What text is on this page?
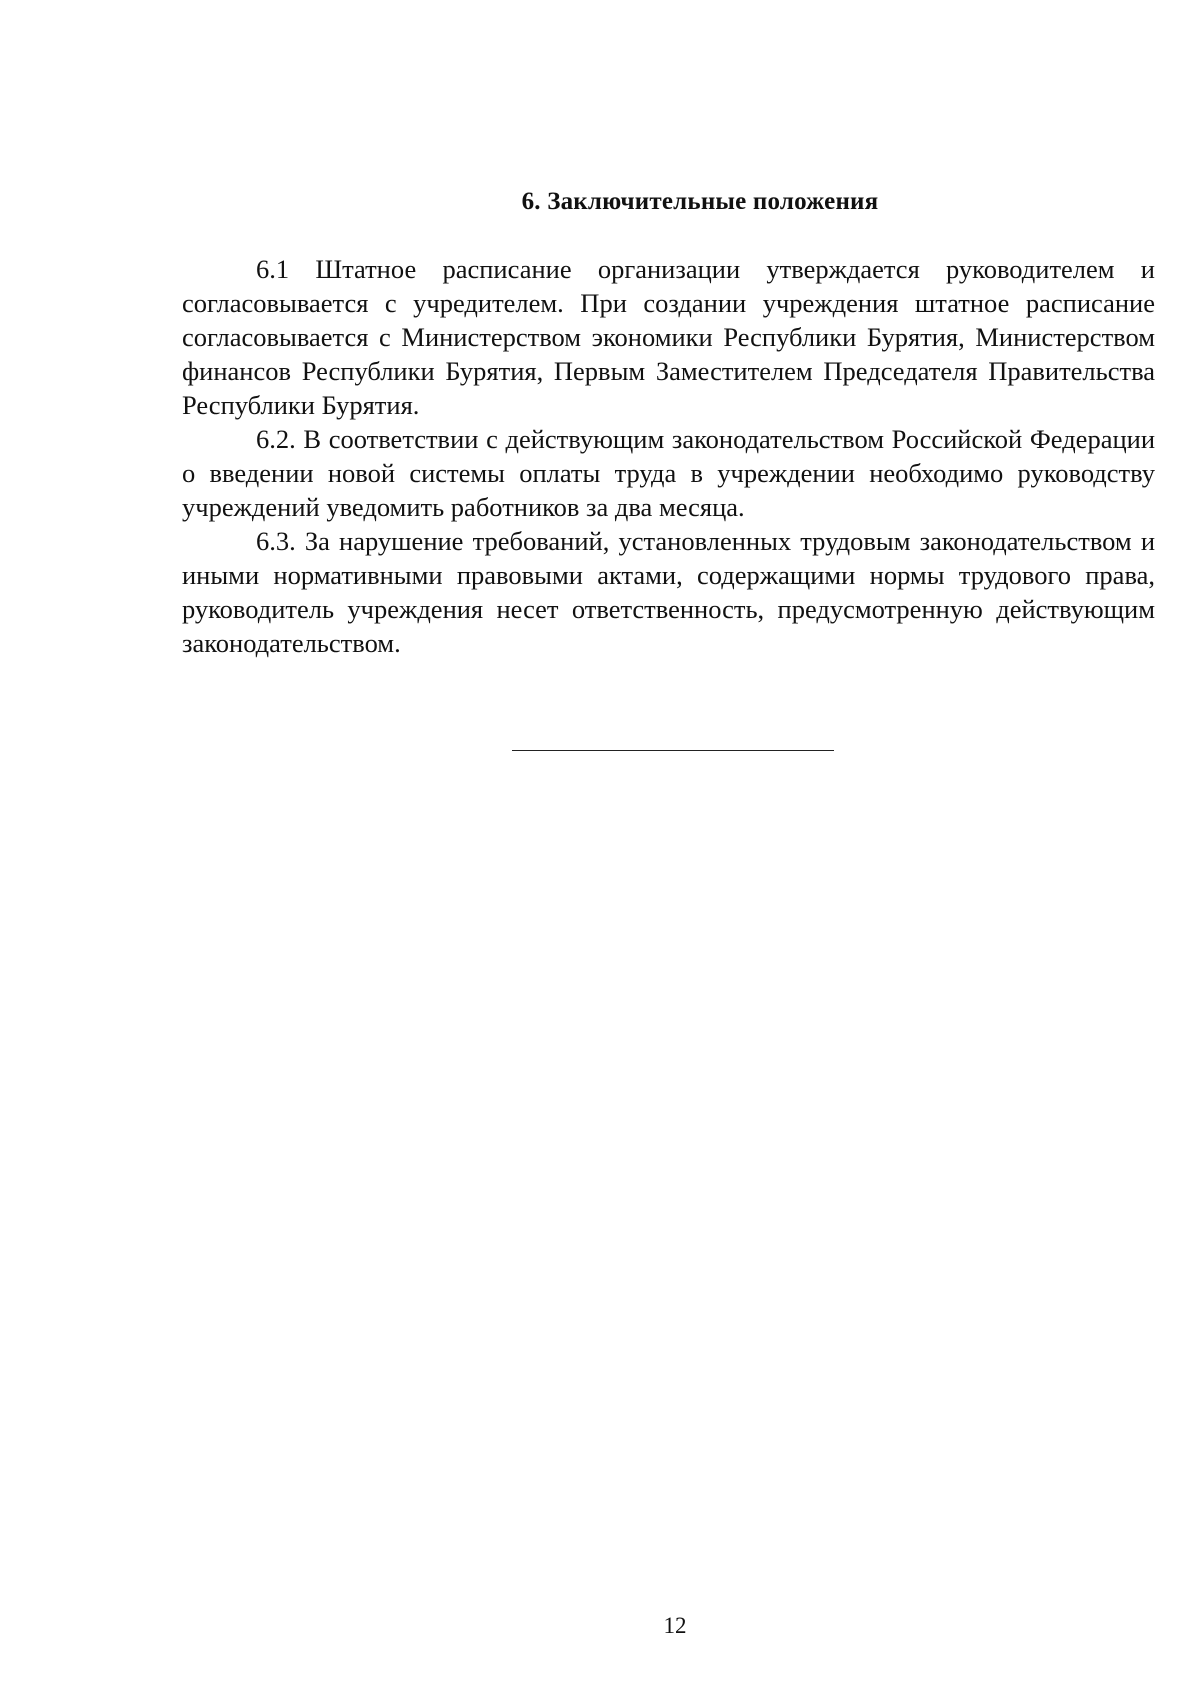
6. Заключительные положения

6.1 Штатное расписание организации утверждается руководителем и согласовывается с учредителем. При создании учреждения штатное расписание согласовывается с Министерством экономики Республики Бурятия, Министерством финансов Республики Бурятия, Первым Заместителем Председателя Правительства Республики Бурятия.

6.2. В соответствии с действующим законодательством Российской Федерации о введении новой системы оплаты труда в учреждении необходимо руководству учреждений уведомить работников за два месяца.

6.3. За нарушение требований, установленных трудовым законодательством и иными нормативными правовыми актами, содержащими нормы трудового права, руководитель учреждения несет ответственность, предусмотренную действующим законодательством.

12
